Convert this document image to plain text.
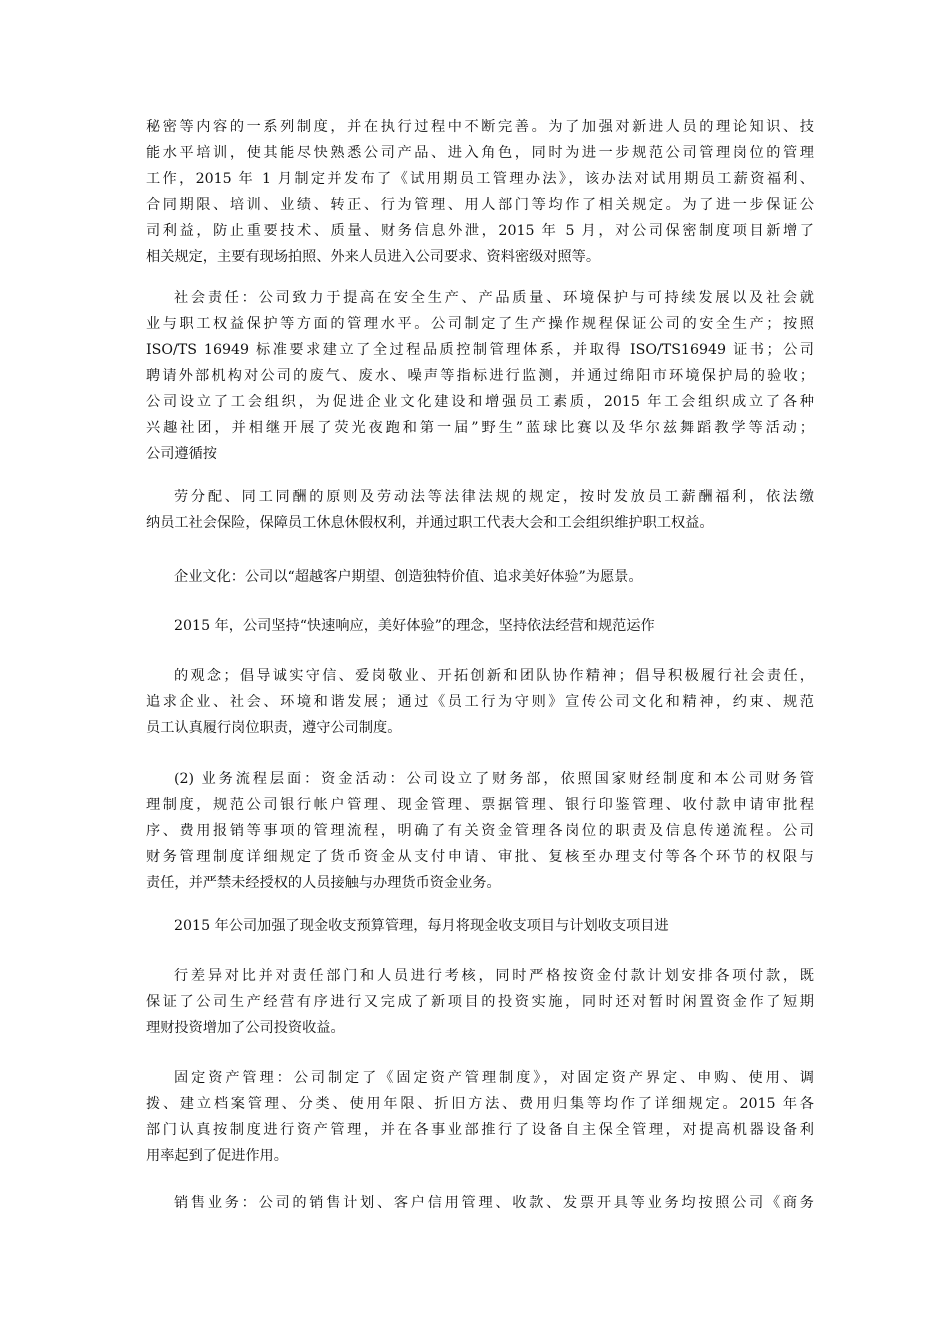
秘密等内容的一系列制度，并在执行过程中不断完善。为了加强对新进人员的理论知识、技
能水平培训，使其能尽快熟悉公司产品、进入角色，同时为进一步规范公司管理岗位的管理
工作，2015 年 1 月制定并发布了《试用期员工管理办法》，该办法对试用期员工薪资福利、
合同期限、培训、业绩、转正、行为管理、用人部门等均作了相关规定。为了进一步保证公
司利益，防止重要技术、质量、财务信息外泄，2015 年 5 月，对公司保密制度项目新增了
相关规定，主要有现场拍照、外来人员进入公司要求、资料密级对照等。
社会责任：公司致力于提高在安全生产、产品质量、环境保护与可持续发展以及社会就
业与职工权益保护等方面的管理水平。公司制定了生产操作规程保证公司的安全生产；按照
ISO/TS 16949 标准要求建立了全过程品质控制管理体系，并取得 ISO/TS16949 证书；公司
聘请外部机构对公司的废气、废水、噪声等指标进行监测，并通过绵阳市环境保护局的验收；
公司设立了工会组织，为促进企业文化建设和增强员工素质，2015 年工会组织成立了各种
兴趣社团，并相继开展了荧光夜跑和第一届”野生”蓝球比赛以及华尔兹舞蹈教学等活动；
公司遵循按
劳分配、同工同酬的原则及劳动法等法律法规的规定，按时发放员工薪酬福利，依法缴
纳员工社会保险，保障员工休息休假权利，并通过职工代表大会和工会组织维护职工权益。
企业文化：公司以“超越客户期望、创造独特价值、追求美好体验”为愿景。
2015 年，公司坚持“快速响应，美好体验”的理念，坚持依法经营和规范运作
的观念；倡导诚实守信、爱岗敬业、开拓创新和团队协作精神；倡导积极履行社会责任，
追求企业、社会、环境和谐发展；通过《员工行为守则》宣传公司文化和精神，约束、规范
员工认真履行岗位职责，遵守公司制度。
(2) 业务流程层面：资金活动：公司设立了财务部，依照国家财经制度和本公司财务管
理制度，规范公司银行帐户管理、现金管理、票据管理、银行印鉴管理、收付款申请审批程
序、费用报销等事项的管理流程，明确了有关资金管理各岗位的职责及信息传递流程。公司
财务管理制度详细规定了货币资金从支付申请、审批、复核至办理支付等各个环节的权限与
责任，并严禁未经授权的人员接触与办理货币资金业务。
2015 年公司加强了现金收支预算管理，每月将现金收支项目与计划收支项目进
行差异对比并对责任部门和人员进行考核，同时严格按资金付款计划安排各项付款，既
保证了公司生产经营有序进行又完成了新项目的投资实施，同时还对暂时闲置资金作了短期
理财投资增加了公司投资收益。
固定资产管理：公司制定了《固定资产管理制度》，对固定资产界定、申购、使用、调
拨、建立档案管理、分类、使用年限、折旧方法、费用归集等均作了详细规定。2015 年各
部门认真按制度进行资产管理，并在各事业部推行了设备自主保全管理，对提高机器设备利
用率起到了促进作用。
销售业务：公司的销售计划、客户信用管理、收款、发票开具等业务均按照公司《商务
